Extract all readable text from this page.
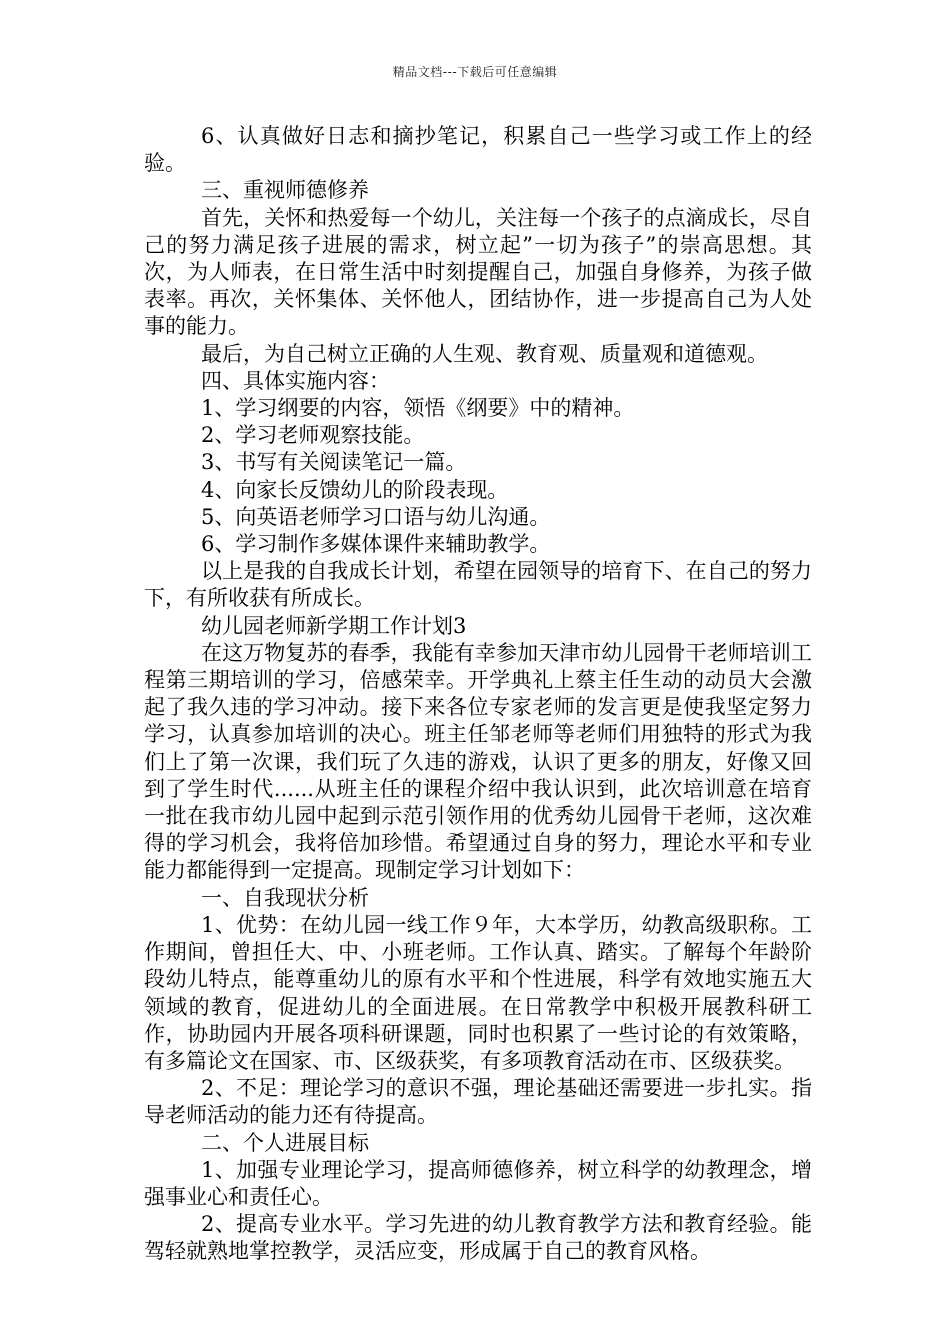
精品文档---下载后可任意编辑

6、认真做好日志和摘抄笔记，积累自己一些学习或工作上的经验。

三、重视师德修养

首先，关怀和热爱每一个幼儿，关注每一个孩子的点滴成长，尽自己的努力满足孩子进展的需求，树立起”一切为孩子”的崇高思想。其次，为人师表，在日常生活中时刻提醒自己，加强自身修养，为孩子做表率。再次，关怀集体、关怀他人，团结协作，进一步提高自己为人处事的能力。

最后，为自己树立正确的人生观、教育观、质量观和道德观。

四、具体实施内容：

1、学习纲要的内容，领悟《纲要》中的精神。

2、学习老师观察技能。

3、书写有关阅读笔记一篇。

4、向家长反馈幼儿的阶段表现。

5、向英语老师学习口语与幼儿沟通。

6、学习制作多媒体课件来辅助教学。

以上是我的自我成长计划，希望在园领导的培育下、在自己的努力下，有所收获有所成长。

幼儿园老师新学期工作计划3

在这万物复苏的春季，我能有幸参加天津市幼儿园骨干老师培训工程第三期培训的学习，倍感荣幸。开学典礼上蔡主任生动的动员大会激起了我久违的学习冲动。接下来各位专家老师的发言更是使我坚定努力学习，认真参加培训的决心。班主任邹老师等老师们用独特的形式为我们上了第一次课，我们玩了久违的游戏，认识了更多的朋友，好像又回到了学生时代......从班主任的课程介绍中我认识到，此次培训意在培育一批在我市幼儿园中起到示范引领作用的优秀幼儿园骨干老师，这次难得的学习机会，我将倍加珍惜。希望通过自身的努力，理论水平和专业能力都能得到一定提高。现制定学习计划如下：

一、自我现状分析

1、优势：在幼儿园一线工作９年，大本学历，幼教高级职称。工作期间，曾担任大、中、小班老师。工作认真、踏实。了解每个年龄阶段幼儿特点，能尊重幼儿的原有水平和个性进展，科学有效地实施五大领域的教育，促进幼儿的全面进展。在日常教学中积极开展教科研工作，协助园内开展各项科研课题，同时也积累了一些讨论的有效策略，有多篇论文在国家、市、区级获奖，有多项教育活动在市、区级获奖。

2、不足：理论学习的意识不强，理论基础还需要进一步扎实。指导老师活动的能力还有待提高。

二、个人进展目标

1、加强专业理论学习，提高师德修养，树立科学的幼教理念，增强事业心和责任心。

2、提高专业水平。学习先进的幼儿教育教学方法和教育经验。能驾轻就熟地掌控教学，灵活应变，形成属于自己的教育风格。
